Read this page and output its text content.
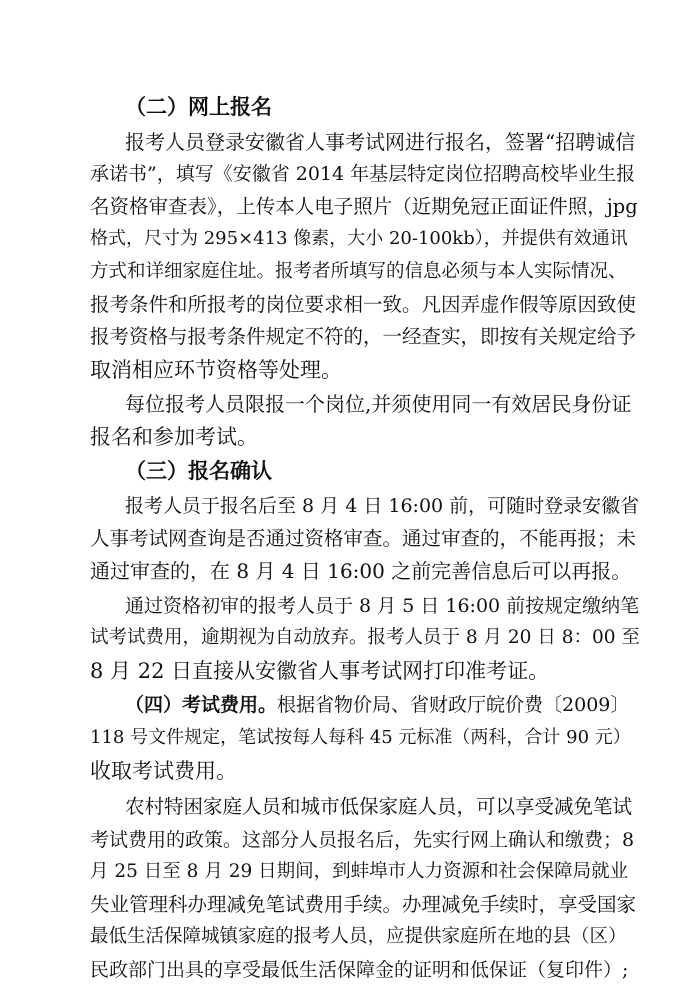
（二）网上报名
报考人员登录安徽省人事考试网进行报名，签署“招聘诚信
承诺书”，填写《安徽省 2014 年基层特定岗位招聘高校毕业生报
名资格审查表》，上传本人电子照片（近期免冠正面证件照，jpg
格式，尺寸为 295×413 像素，大小 20-100kb），并提供有效通讯
方式和详细家庭住址。报考者所填写的信息必须与本人实际情况、
报考条件和所报考的岗位要求相一致。凡因弄虚作假等原因致使
报考资格与报考条件规定不符的，一经查实，即按有关规定给予
取消相应环节资格等处理。
每位报考人员限报一个岗位,并须使用同一有效居民身份证
报名和参加考试。
（三）报名确认
报考人员于报名后至 8 月 4 日 16:00 前，可随时登录安徽省
人事考试网查询是否通过资格审查。通过审查的，不能再报；未
通过审查的，在 8 月 4 日 16:00 之前完善信息后可以再报。
通过资格初审的报考人员于 8 月 5 日 16:00 前按规定缴纳笔
试考试费用，逾期视为自动放弃。报考人员于 8 月 20 日 8：00 至
8 月 22 日直接从安徽省人事考试网打印准考证。
（四）考试费用。根据省物价局、省财政厅皖价费〔2009〕
118 号文件规定，笔试按每人每科 45 元标准（两科，合计 90 元）
收取考试费用。
农村特困家庭人员和城市低保家庭人员，可以享受减免笔试
考试费用的政策。这部分人员报名后，先实行网上确认和缴费；8
月 25 日至 8 月 29 日期间，到蚌埠市人力资源和社会保障局就业
失业管理科办理减免笔试费用手续。办理减免手续时，享受国家
最低生活保障城镇家庭的报考人员，应提供家庭所在地的县（区）
民政部门出具的享受最低生活保障金的证明和低保证（复印件）;
